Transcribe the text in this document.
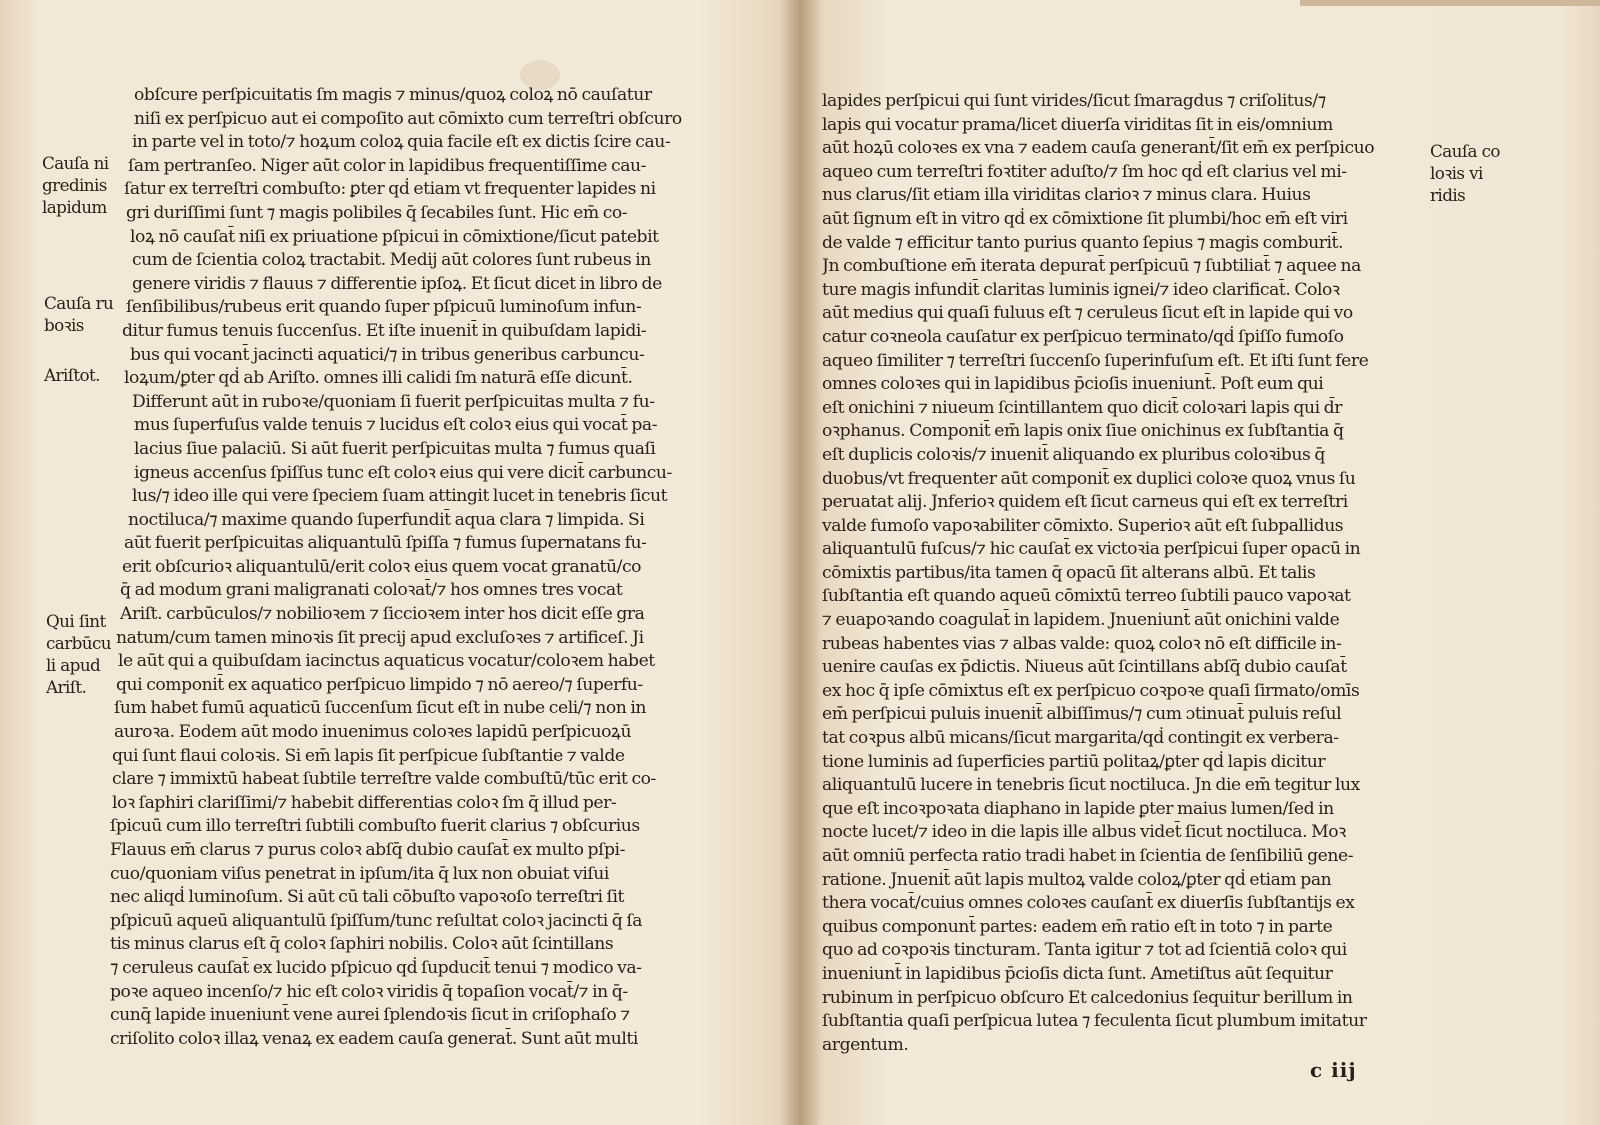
obſcure perſpicuitatis ſm magis ⁊ minus/quoꝝ coloꝝ nō cauſatur
niſi ex perſpicuo aut ei compoſito aut cōmixto cum terreſtri obſcuro
in parte vel in toto/⁊ hoꝝum coloꝝ quia facile eſt ex dictis ſcire cau-
ſam pertranſeo. Niger aūt color in lapidibus frequentiſſime cau-
ſatur ex terreſtri combuſto: ꝑter qḋ etiam vt frequenter lapides ni
gri duriſſimi ſunt ⁊ magis polibiles q̄ ſecabiles ſunt. Hic em̄ co-
loꝝ nō cauſat̄ niſi ex priuatione pſpicui in cōmixtione/ſicut patebit
cum de ſcientia coloꝝ tractabit. Medij aūt colores ſunt rubeus in
genere viridis ⁊ flauus ⁊ differentie ipſoꝝ. Et ſicut dicet in libro de
ſenſibilibus/rubeus erit quando ſuper pſpicuū luminoſum infun-
ditur fumus tenuis ſuccenſus. Et iſte inuenit̄ in quibuſdam lapidi-
bus qui vocant̄ jacincti aquatici/⁊ in tribus generibus carbuncu-
loꝝum/ꝑter qḋ ab Ariſto. omnes illi calidi ſm naturā eſſe dicunt̄.
Differunt aūt in ruboꝛe/quoniam ſi fuerit perſpicuitas multa ⁊ fu-
mus ſuperfuſus valde tenuis ⁊ lucidus eſt coloꝛ eius qui vocat̄ pa-
lacius ſiue palaciū. Si aūt fuerit perſpicuitas multa ⁊ fumus quaſi
igneus accenſus ſpiſſus tunc eſt coloꝛ eius qui vere dicit̄ carbuncu-
lus/⁊ ideo ille qui vere ſpeciem ſuam attingit lucet in tenebris ſicut
noctiluca/⁊ maxime quando ſuperfundit̄ aqua clara ⁊ limpida. Si
aūt fuerit perſpicuitas aliquantulū ſpiſſa ⁊ fumus ſupernatans fu-
erit obſcurioꝛ aliquantulū/erit coloꝛ eius quem vocat granatū/co
q̄ ad modum grani maligranati coloꝛat̄/⁊ hos omnes tres vocat
Ariſt. carbūculos/⁊ nobilioꝛem ⁊ ſiccioꝛem inter hos dicit eſſe gra
natum/cum tamen minoꝛis ſit precij apud excluſoꝛes ⁊ artificeſ. Ji
le aūt qui a quibuſdam iacinctus aquaticus vocatur/coloꝛem habet
qui componit̄ ex aquatico perſpicuo limpido ⁊ nō aereo/⁊ ſuperfu-
ſum habet fumū aquaticū ſuccenſum ſicut eſt in nube celi/⁊ non in
auroꝛa. Eodem aūt modo inuenimus coloꝛes lapidū perſpicuoꝝū
qui ſunt flaui coloꝛis. Si em̄ lapis ſit perſpicue ſubſtantie ⁊ valde
clare ⁊ immixtū habeat ſubtile terreſtre valde combuſtū/tūc erit co-
loꝛ ſaphiri clariſſimi/⁊ habebit differentias coloꝛ ſm q̄ illud per-
ſpicuū cum illo terreſtri ſubtili combuſto fuerit clarius ⁊ obſcurius
Flauus em̄ clarus ⁊ purus coloꝛ abſq̄ dubio cauſat̄ ex multo pſpi-
cuo/quoniam viſus penetrat in ipſum/ita q̄ lux non obuiat viſui
nec aliqḋ luminoſum. Si aūt cū tali cōbuſto vapoꝛoſo terreſtri ſit
pſpicuū aqueū aliquantulū ſpiſſum/tunc reſultat coloꝛ jacincti q̄ ſa
tis minus clarus eſt q̄ coloꝛ ſaphiri nobilis. Coloꝛ aūt ſcintillans
⁊ ceruleus cauſat̄ ex lucido pſpicuo qḋ ſupducit̄ tenui ⁊ modico va-
poꝛe aqueo incenſo/⁊ hic eſt coloꝛ viridis q̄ topaſion vocat̄/⁊ in q̄-
cunq̄ lapide inueniunt̄ vene aurei ſplendoꝛis ſicut in criſophaſo ⁊
criſolito coloꝛ illaꝝ venaꝝ ex eadem cauſa generat̄. Sunt aūt multi
Cauſa ni
gredinis
lapidum
Cauſa ru
boꝛis
Ariſtot.
Qui ſint
carbūcu
li apud
Ariſt.
lapides perſpicui qui ſunt virides/ſicut ſmaragdus ⁊ criſolitus/⁊
lapis qui vocatur prama/licet diuerſa viriditas ſit in eis/omnium
aūt hoꝝū coloꝛes ex vna ⁊ eadem cauſa generant̄/ſit em̄ ex perſpicuo
aqueo cum terreſtri foꝛtiter aduſto/⁊ ſm hoc qḋ eſt clarius vel mi-
nus clarus/ſit etiam illa viriditas clarioꝛ ⁊ minus clara. Huius
aūt ſignum eſt in vitro qḋ ex cōmixtione ſit plumbi/hoc em̄ eſt viri
de valde ⁊ efficitur tanto purius quanto ſepius ⁊ magis comburit̄.
Jn combuſtione em̄ iterata depurat̄ perſpicuū ⁊ ſubtiliat̄ ⁊ aquee na
ture magis infundit̄ claritas luminis ignei/⁊ ideo clarificat̄. Coloꝛ
aūt medius qui quaſi fuluus eſt ⁊ ceruleus ſicut eſt in lapide qui vo
catur coꝛneola cauſatur ex perſpicuo terminato/qḋ ſpiſſo fumoſo
aqueo ſimiliter ⁊ terreſtri ſuccenſo ſuperinfuſum eſt. Et iſti ſunt fere
omnes coloꝛes qui in lapidibus p̄cioſis inueniunt̄. Poſt eum qui
eſt onichini ⁊ niueum ſcintillantem quo dicit̄ coloꝛari lapis qui d̄r
oꝛphanus. Componit̄ em̄ lapis onix ſiue onichinus ex ſubſtantia q̄
eſt duplicis coloꝛis/⁊ inuenit̄ aliquando ex pluribus coloꝛibus q̄
duobus/vt frequenter aūt componit̄ ex duplici coloꝛe quoꝝ vnus ſu
peruatat alij. Jnferioꝛ quidem eſt ſicut carneus qui eſt ex terreſtri
valde fumoſo vapoꝛabiliter cōmixto. Superioꝛ aūt eſt ſubpallidus
aliquantulū fuſcus/⁊ hic cauſat̄ ex victoꝛia perſpicui ſuper opacū in
cōmixtis partibus/ita tamen q̄ opacū ſit alterans albū. Et talis
ſubſtantia eſt quando aqueū cōmixtū terreo ſubtili pauco vapoꝛat
⁊ euapoꝛando coagulat̄ in lapidem. Jnueniunt̄ aūt onichini valde
rubeas habentes vias ⁊ albas valde: quoꝝ coloꝛ nō eſt difficile in-
uenire cauſas ex p̄dictis. Niueus aūt ſcintillans abſq̄ dubio cauſat̄
ex hoc q̄ ipſe cōmixtus eſt ex perſpicuo coꝛpoꝛe quaſi ſirmato/omīs
em̄ perſpicui puluis inuenit̄ albiſſimus/⁊ cum ɔtinuat̄ puluis reſul
tat coꝛpus albū micans/ſicut margarita/qḋ contingit ex verbera-
tione luminis ad ſuperficies partiū politaꝝ/ꝑter qḋ lapis dicitur
aliquantulū lucere in tenebris ſicut noctiluca. Jn die em̄ tegitur lux
que eſt incoꝛpoꝛata diaphano in lapide ꝑter maius lumen/ſed in
nocte lucet/⁊ ideo in die lapis ille albus videt̄ ſicut noctiluca. Moꝛ
aūt omniū perfecta ratio tradi habet in ſcientia de ſenſibiliū gene-
ratione. Jnuenit̄ aūt lapis multoꝝ valde coloꝝ/ꝑter qḋ etiam pan
thera vocat̄/cuius omnes coloꝛes cauſant̄ ex diuerſis ſubſtantijs ex
quibus componunt̄ partes: eadem em̄ ratio eſt in toto ⁊ in parte
quo ad coꝛpoꝛis tincturam. Tanta igitur ⁊ tot ad ſcientiā coloꝛ qui
inueniunt̄ in lapidibus p̄cioſis dicta ſunt. Ametiſtus aūt ſequitur
rubinum in perſpicuo obſcuro Et calcedonius ſequitur berillum in
ſubſtantia quaſi perſpicua lutea ⁊ feculenta ſicut plumbum imitatur
argentum.
Cauſa co
loꝛis vi
ridis
c iij
